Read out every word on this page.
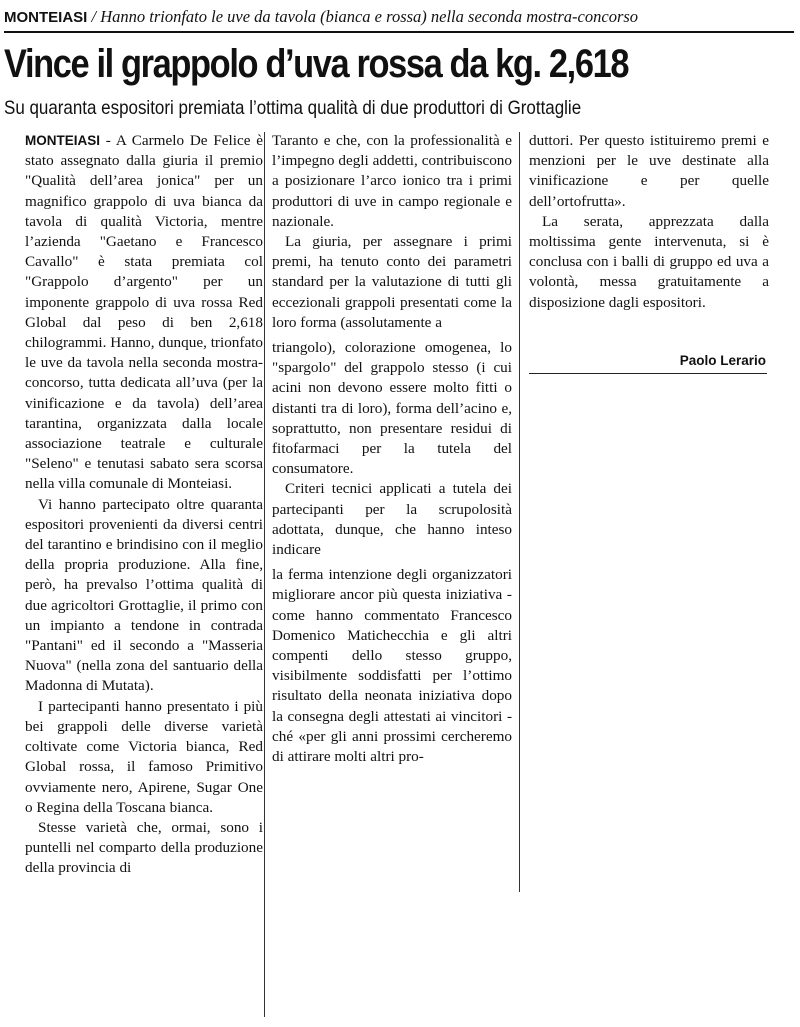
MONTEIASI / Hanno trionfato le uve da tavola (bianca e rossa) nella seconda mostra-concorso
Vince il grappolo d’uva rossa da kg. 2,618
Su quaranta espositori premiata l’ottima qualità di due produttori di Grottaglie

MONTEIASI - A Carmelo De Felice è stato assegnato dalla giuria il premio "Qualità dell’area jonica" per un magnifico grappolo di uva bianca da tavola di qualità Victoria, mentre l’azienda "Gaetano e Francesco Cavallo" è stata premiata col "Grappolo d’argento" per un imponente grappolo di uva rossa Red Global dal peso di ben 2,618 chilogrammi. Hanno, dunque, trionfato le uve da tavola nella seconda mostra-concorso, tutta dedicata all’uva (per la vinificazione e da tavola) dell’area tarantina, organizzata dalla locale associazione teatrale e culturale "Seleno" e tenutasi sabato sera scorsa nella villa comunale di Monteiasi.

Vi hanno partecipato oltre quaranta espositori provenienti da diversi centri del tarantino e brindisino con il meglio della propria produzione. Alla fine, però, ha prevalso l’ottima qualità di due agricoltori Grottaglie, il primo con un impianto a tendone in contrada "Pantani" ed il secondo a "Masseria Nuova" (nella zona del santuario della Madonna di Mutata).

I partecipanti hanno presentato i più bei grappoli delle diverse varietà coltivate come Victoria bianca, Red Global rossa, il famoso Primitivo ovviamente nero, Apirene, Sugar One o Regina della Toscana bianca.

Stesse varietà che, ormai, sono i puntelli nel comparto della produzione della provincia di

Taranto e che, con la professionalità e l’impegno degli addetti, contribuiscono a posizionare l’arco ionico tra i primi produttori di uve in campo regionale e nazionale.

La giuria, per assegnare i primi premi, ha tenuto conto dei parametri standard per la valutazione di tutti gli eccezionali grappoli presentati come la loro forma (assolutamente a

triangolo), colorazione omogenea, lo "spargolo" del grappolo stesso (i cui acini non devono essere molto fitti o distanti tra di loro), forma dell’acino e, soprattutto, non presentare residui di fitofarmaci per la tutela del consumatore.

Criteri tecnici applicati a tutela dei partecipanti per la scrupolosità adottata, dunque, che hanno inteso indicare

la ferma intenzione degli organizzatori migliorare ancor più questa iniziativa - come hanno commentato Francesco Domenico Matichecchia e gli altri compenti dello stesso gruppo, visibilmente soddisfatti per l’ottimo risultato della neonata iniziativa dopo la consegna degli attestati ai vincitori - ché «per gli anni prossimi cercheremo di attirare molti altri pro-

duttori. Per questo istituiremo premi e menzioni per le uve destinate alla vinificazione e per quelle dell’ortofrutta».

La serata, apprezzata dalla moltissima gente intervenuta, si è conclusa con i balli di gruppo ed uva a volontà, messa gratuitamente a disposizione dagli espositori.

Paolo Lerario
